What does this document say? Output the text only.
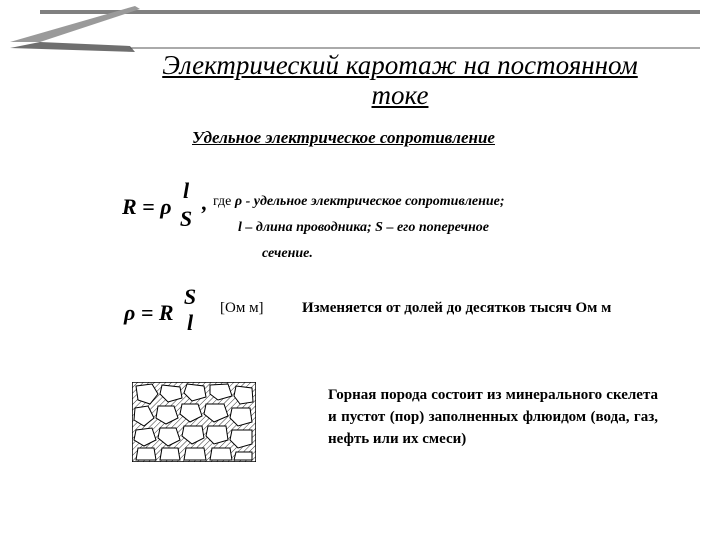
Электрический каротаж на постоянном
токе
Удельное электрическое сопротивление
R = ρ
l
S
, где ρ - удельное электрическое сопротивление;
l – длина проводника; S – его поперечное
сечение.
ρ = R
S
l
[Ом м]	Изменяется от долей до десятков тысяч Ом м
Горная порода состоит из минерального скелета и пустот (пор) заполненных флюидом (вода, газ, нефть или их смеси)
